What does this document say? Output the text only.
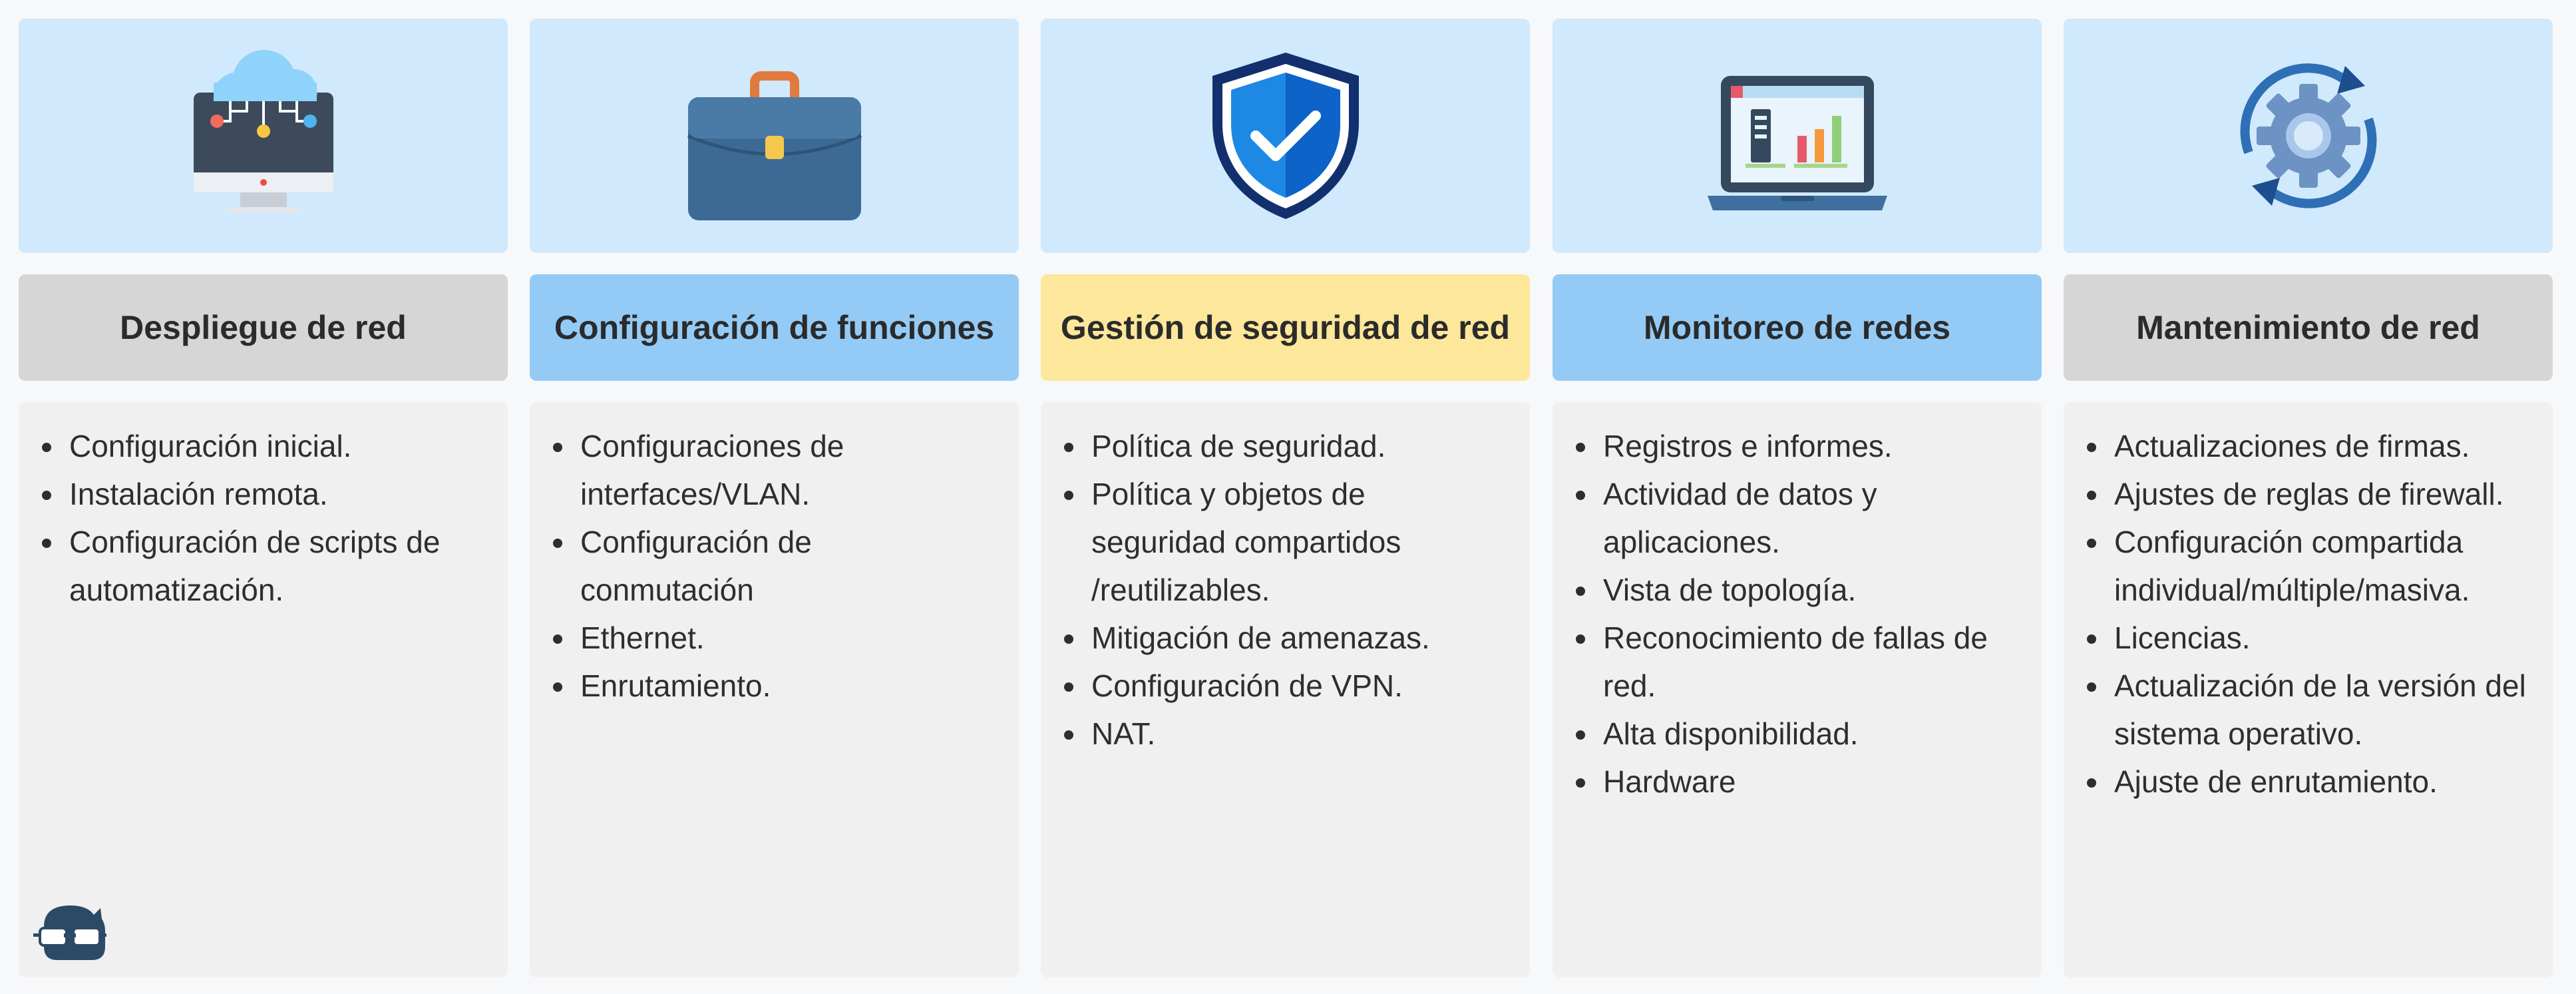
Despliegue de red
• Configuración inicial.
• Instalación remota.
• Configuración de scripts de automatización.
Configuración de funciones
• Configuraciones de interfaces/VLAN.
• Configuración de conmutación
• Ethernet.
• Enrutamiento.
Gestión de seguridad de red
• Política de seguridad.
• Política y objetos de seguridad compartidos /reutilizables.
• Mitigación de amenazas.
• Configuración de VPN.
• NAT.
Monitoreo de redes
• Registros e informes.
• Actividad de datos y aplicaciones.
• Vista de topología.
• Reconocimiento de fallas de red.
• Alta disponibilidad.
• Hardware
Mantenimiento de red
• Actualizaciones de firmas.
• Ajustes de reglas de firewall.
• Configuración compartida individual/múltiple/masiva.
• Licencias.
• Actualización de la versión del sistema operativo.
• Ajuste de enrutamiento.
